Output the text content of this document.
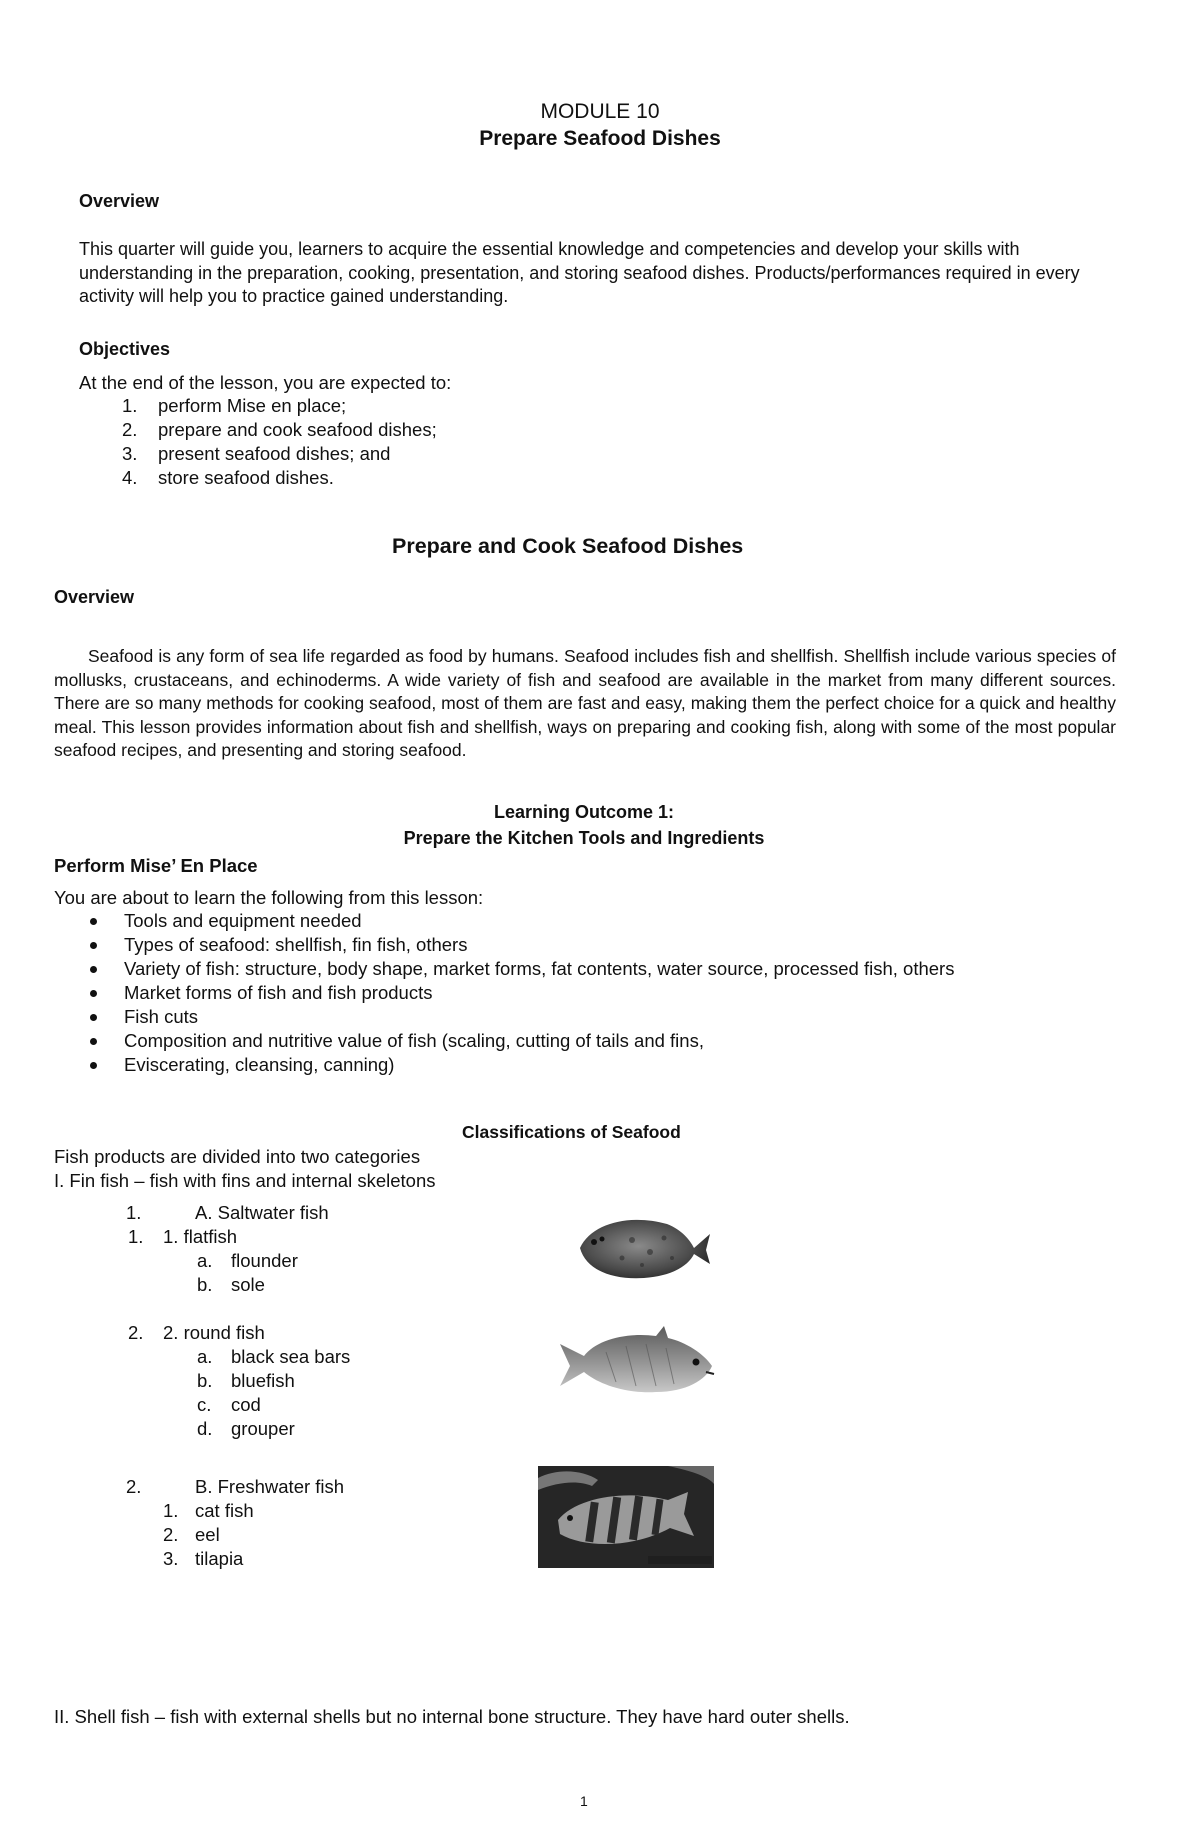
MODULE 10
Prepare Seafood Dishes
Overview
This quarter will guide you, learners to acquire the essential knowledge and competencies and develop your skills with understanding in the preparation, cooking, presentation, and storing seafood dishes. Products/performances required in every activity will help you to practice gained understanding.
Objectives
At the end of the lesson, you are expected to:
1. perform Mise en place;
2. prepare and cook seafood dishes;
3. present seafood dishes; and
4. store seafood dishes.
Prepare and Cook Seafood Dishes
Overview
Seafood is any form of sea life regarded as food by humans. Seafood includes fish and shellfish. Shellfish include various species of mollusks, crustaceans, and echinoderms. A wide variety of fish and seafood are available in the market from many different sources. There are so many methods for cooking seafood, most of them are fast and easy, making them the perfect choice for a quick and healthy meal. This lesson provides information about fish and shellfish, ways on preparing and cooking fish, along with some of the most popular seafood recipes, and presenting and storing seafood.
Learning Outcome 1:
Prepare the Kitchen Tools and Ingredients
Perform Mise’ En Place
You are about to learn the following from this lesson:
Tools and equipment needed
Types of seafood: shellfish, fin fish, others
Variety of fish: structure, body shape, market forms, fat contents, water source, processed fish, others
Market forms of fish and fish products
Fish cuts
Composition and nutritive value of fish (scaling, cutting of tails and fins,
Eviscerating, cleansing, canning)
Classifications of Seafood
Fish products are divided into two categories
I. Fin fish – fish with fins and internal skeletons
1.	A. Saltwater fish
1. 1. flatfish
a. flounder
b. sole
2. 2. round fish
a. black sea bars
b. bluefish
c. cod
d. grouper
2.	B. Freshwater fish
1. cat fish
2. eel
3. tilapia
II. Shell fish – fish with external shells but no internal bone structure. They have hard outer shells.
1
